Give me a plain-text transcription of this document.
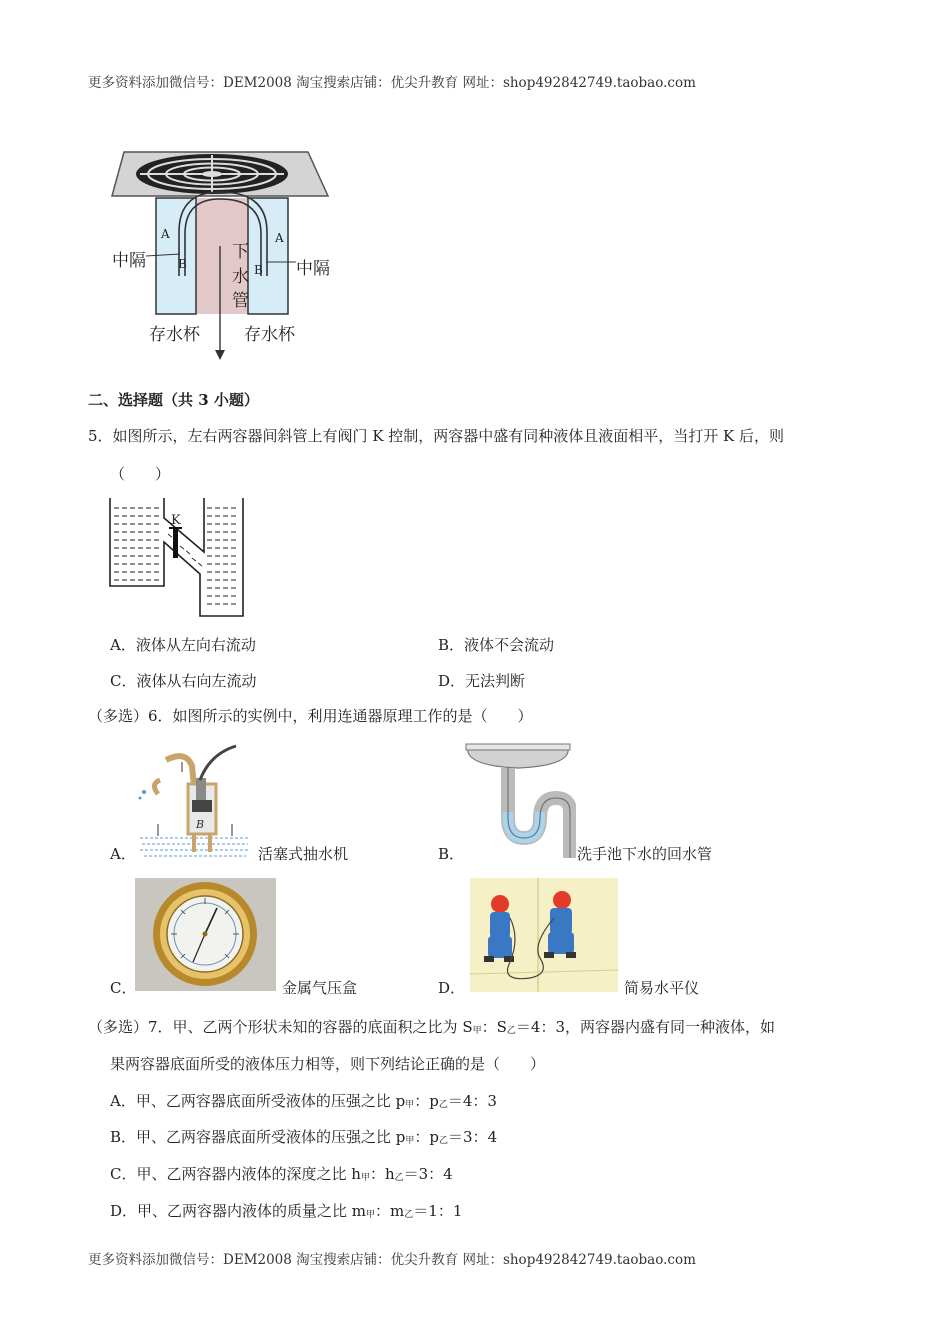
更多资料添加微信号：DEM2008 淘宝搜索店铺：优尖升教育 网址：shop492842749.taobao.com
中隔	中隔
A
B
A
B
下
水
管
存水杯	存水杯
二、选择题（共 3 小题）
5．如图所示，左右两容器间斜管上有阀门 K 控制，两容器中盛有同种液体且液面相平，当打开 K 后，则
（　　）
K
A．液体从左向右流动	B．液体不会流动
C．液体从右向左流动	D．无法判断
（多选）6．如图所示的实例中，利用连通器原理工作的是（　　）
B
A．	活塞式抽水机	B．	洗手池下水的回水管
C．	金属气压盒	D．	简易水平仪
（多选）7．甲、乙两个形状未知的容器的底面积之比为 $S_甲$：$S_乙=4$：3，两容器内盛有同一种液体，如
果两容器底面所受的液体压力相等，则下列结论正确的是（　　）
A．甲、乙两容器底面所受液体的压强之比 $p_甲$：$p_乙=4$：3
B．甲、乙两容器底面所受液体的压强之比 $p_甲$：$p_乙=3$：4
C．甲、乙两容器内液体的深度之比 $h_甲$：$h_乙=3$：4
D．甲、乙两容器内液体的质量之比 $m_甲$：$m_乙=1$：1
更多资料添加微信号：DEM2008 淘宝搜索店铺：优尖升教育 网址：shop492842749.taobao.com
